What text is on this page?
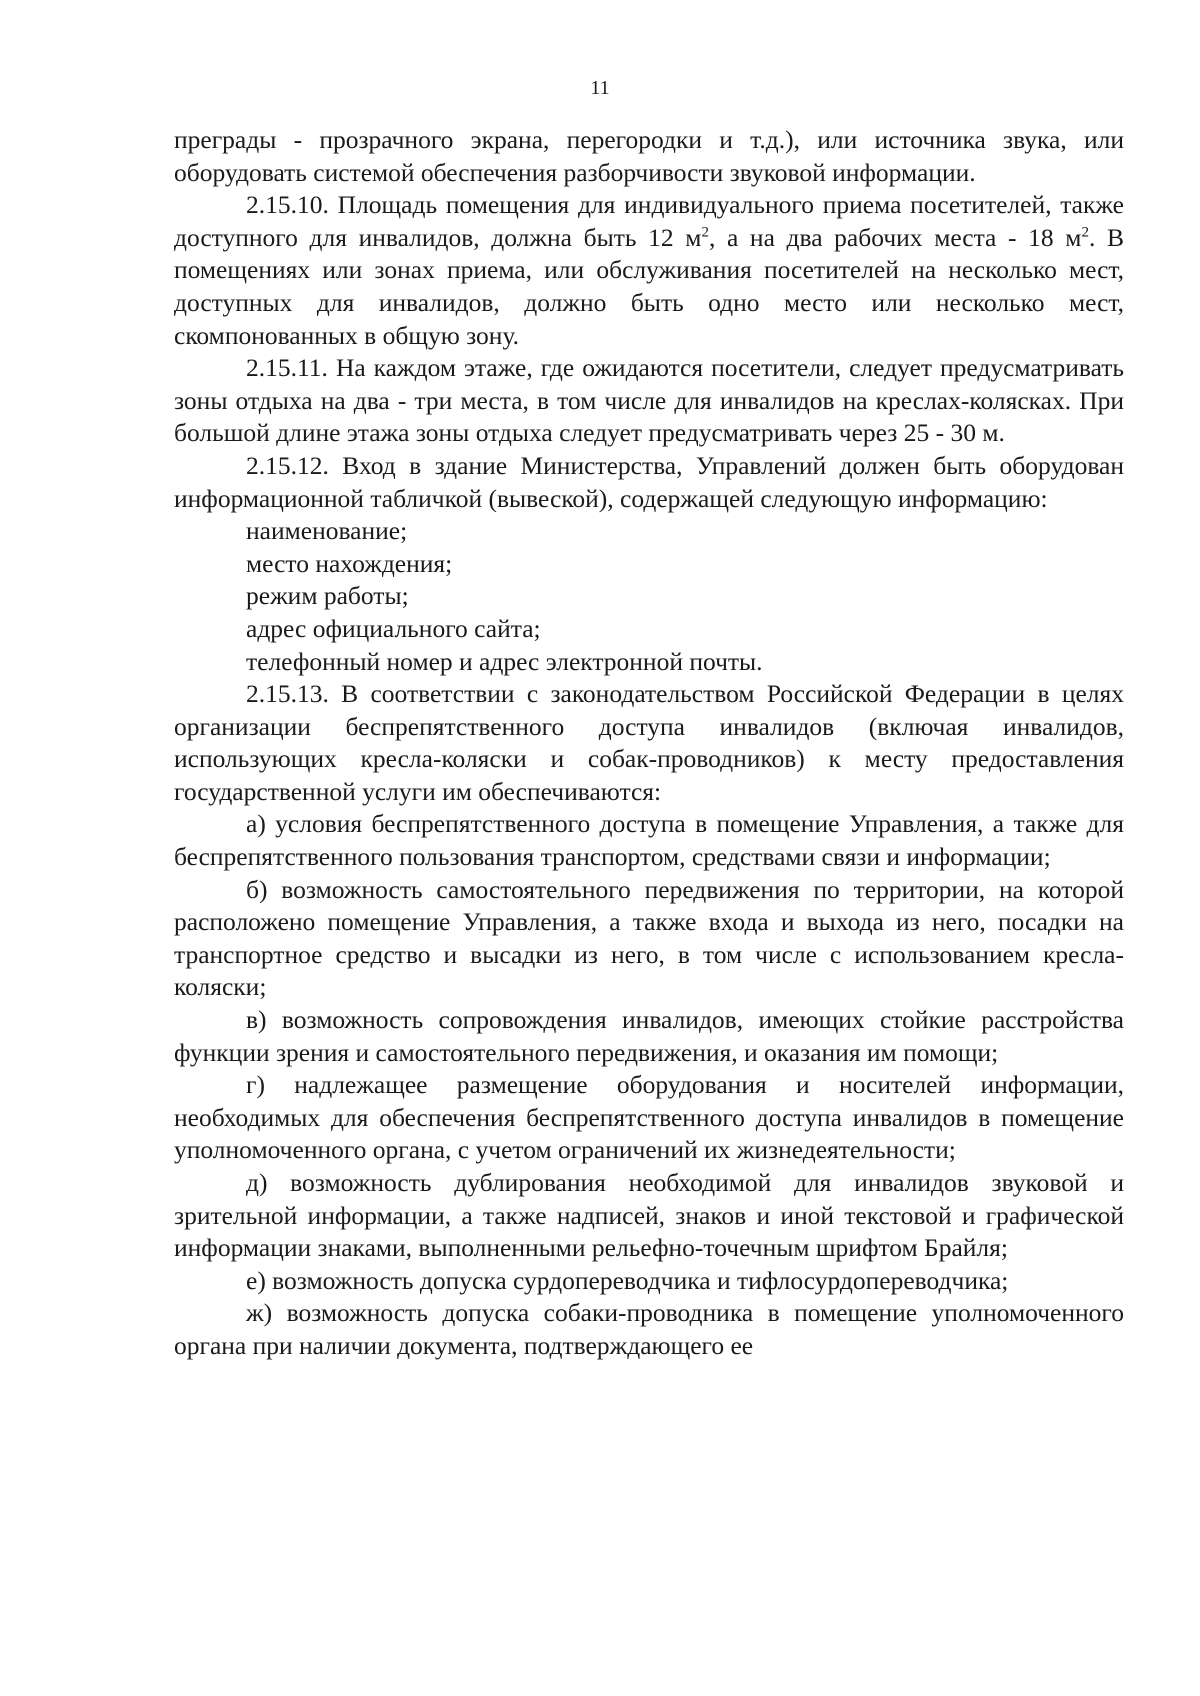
11

преграды - прозрачного экрана, перегородки и т.д.), или источника звука, или оборудовать системой обеспечения разборчивости звуковой информации.

2.15.10. Площадь помещения для индивидуального приема посетителей, также доступного для инвалидов, должна быть 12 $м^2$, а на два рабочих места - 18 $м^2$. В помещениях или зонах приема, или обслуживания посетителей на несколько мест, доступных для инвалидов, должно быть одно место или несколько мест, скомпонованных в общую зону.

2.15.11. На каждом этаже, где ожидаются посетители, следует предусматривать зоны отдыха на два - три места, в том числе для инвалидов на креслах-колясках. При большой длине этажа зоны отдыха следует предусматривать через 25 - 30 м.

2.15.12. Вход в здание Министерства, Управлений должен быть оборудован информационной табличкой (вывеской), содержащей следующую информацию:

наименование;

место нахождения;

режим работы;

адрес официального сайта;

телефонный номер и адрес электронной почты.

2.15.13. В соответствии с законодательством Российской Федерации в целях организации беспрепятственного доступа инвалидов (включая инвалидов, использующих кресла-коляски и собак-проводников) к месту предоставления государственной услуги им обеспечиваются:

а) условия беспрепятственного доступа в помещение Управления, а также для беспрепятственного пользования транспортом, средствами связи и информации;

б) возможность самостоятельного передвижения по территории, на которой расположено помещение Управления, а также входа и выхода из него, посадки на транспортное средство и высадки из него, в том числе с использованием кресла-коляски;

в) возможность сопровождения инвалидов, имеющих стойкие расстройства функции зрения и самостоятельного передвижения, и оказания им помощи;

г) надлежащее размещение оборудования и носителей информации, необходимых для обеспечения беспрепятственного доступа инвалидов в помещение уполномоченного органа, с учетом ограничений их жизнедеятельности;

д) возможность дублирования необходимой для инвалидов звуковой и зрительной информации, а также надписей, знаков и иной текстовой и графической информации знаками, выполненными рельефно-точечным шрифтом Брайля;

е) возможность допуска сурдопереводчика и тифлосурдопереводчика;

ж) возможность допуска собаки-проводника в помещение уполномоченного органа при наличии документа, подтверждающего ее
